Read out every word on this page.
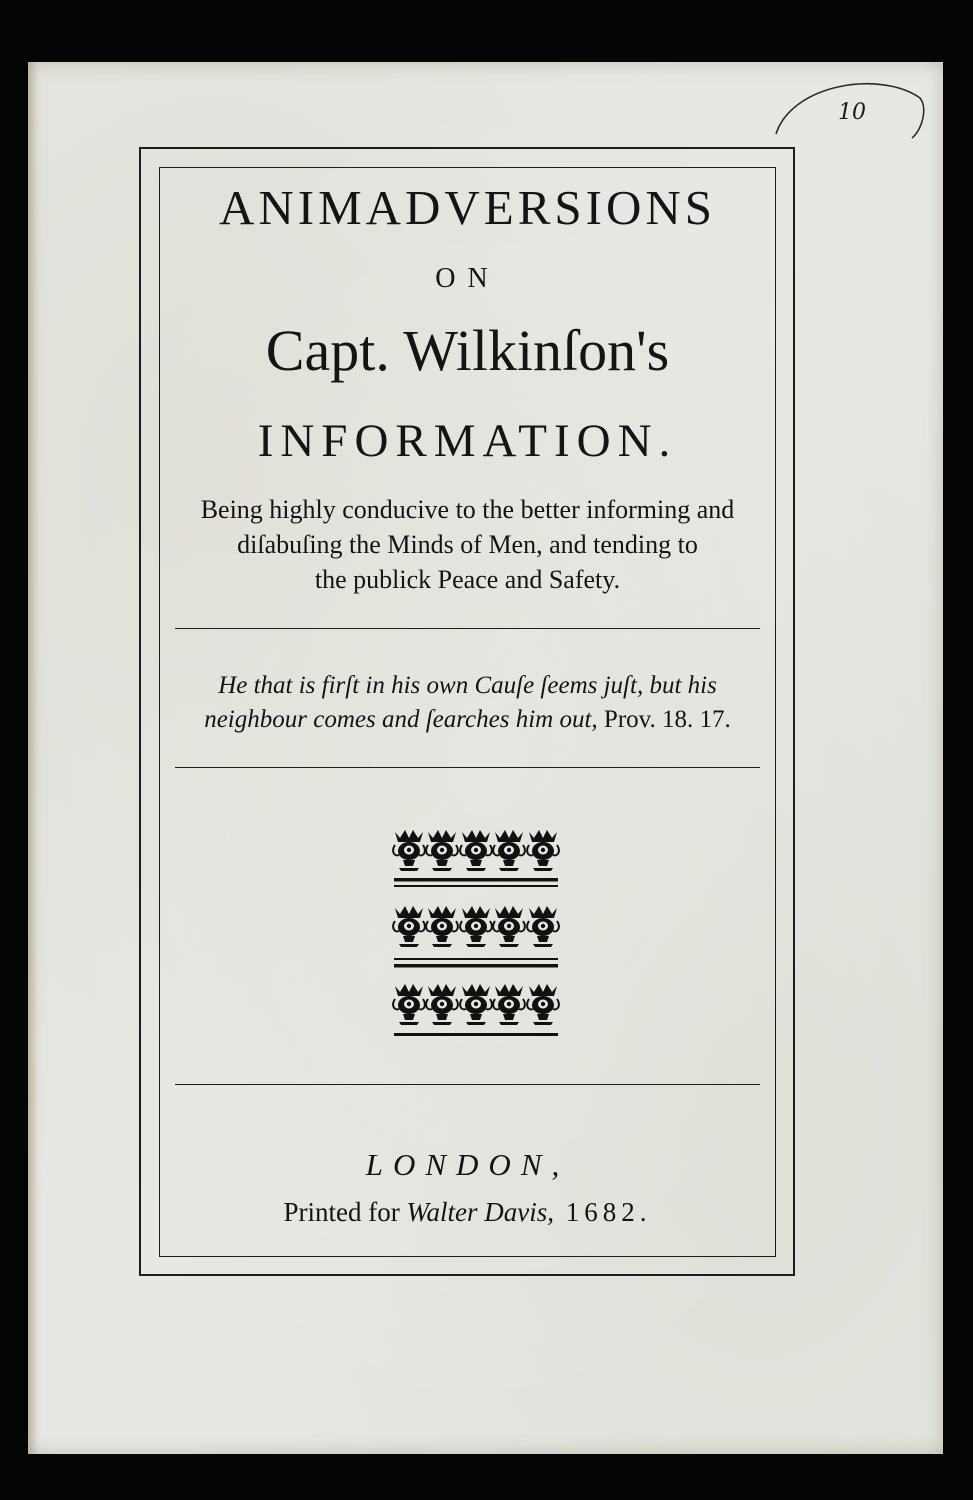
10
ANIMADVERSIONS
ON
Capt. Wilkinſon's
INFORMATION.
Being highly conducive to the better informing and
diſabuſing the Minds of Men, and tending to
the publick Peace and Safety.
He that is firſt in his own Cauſe ſeems juſt, but his
neighbour comes and ſearches him out, Prov. 18. 17.
LONDON,
Printed for Walter Davis, 1682.
